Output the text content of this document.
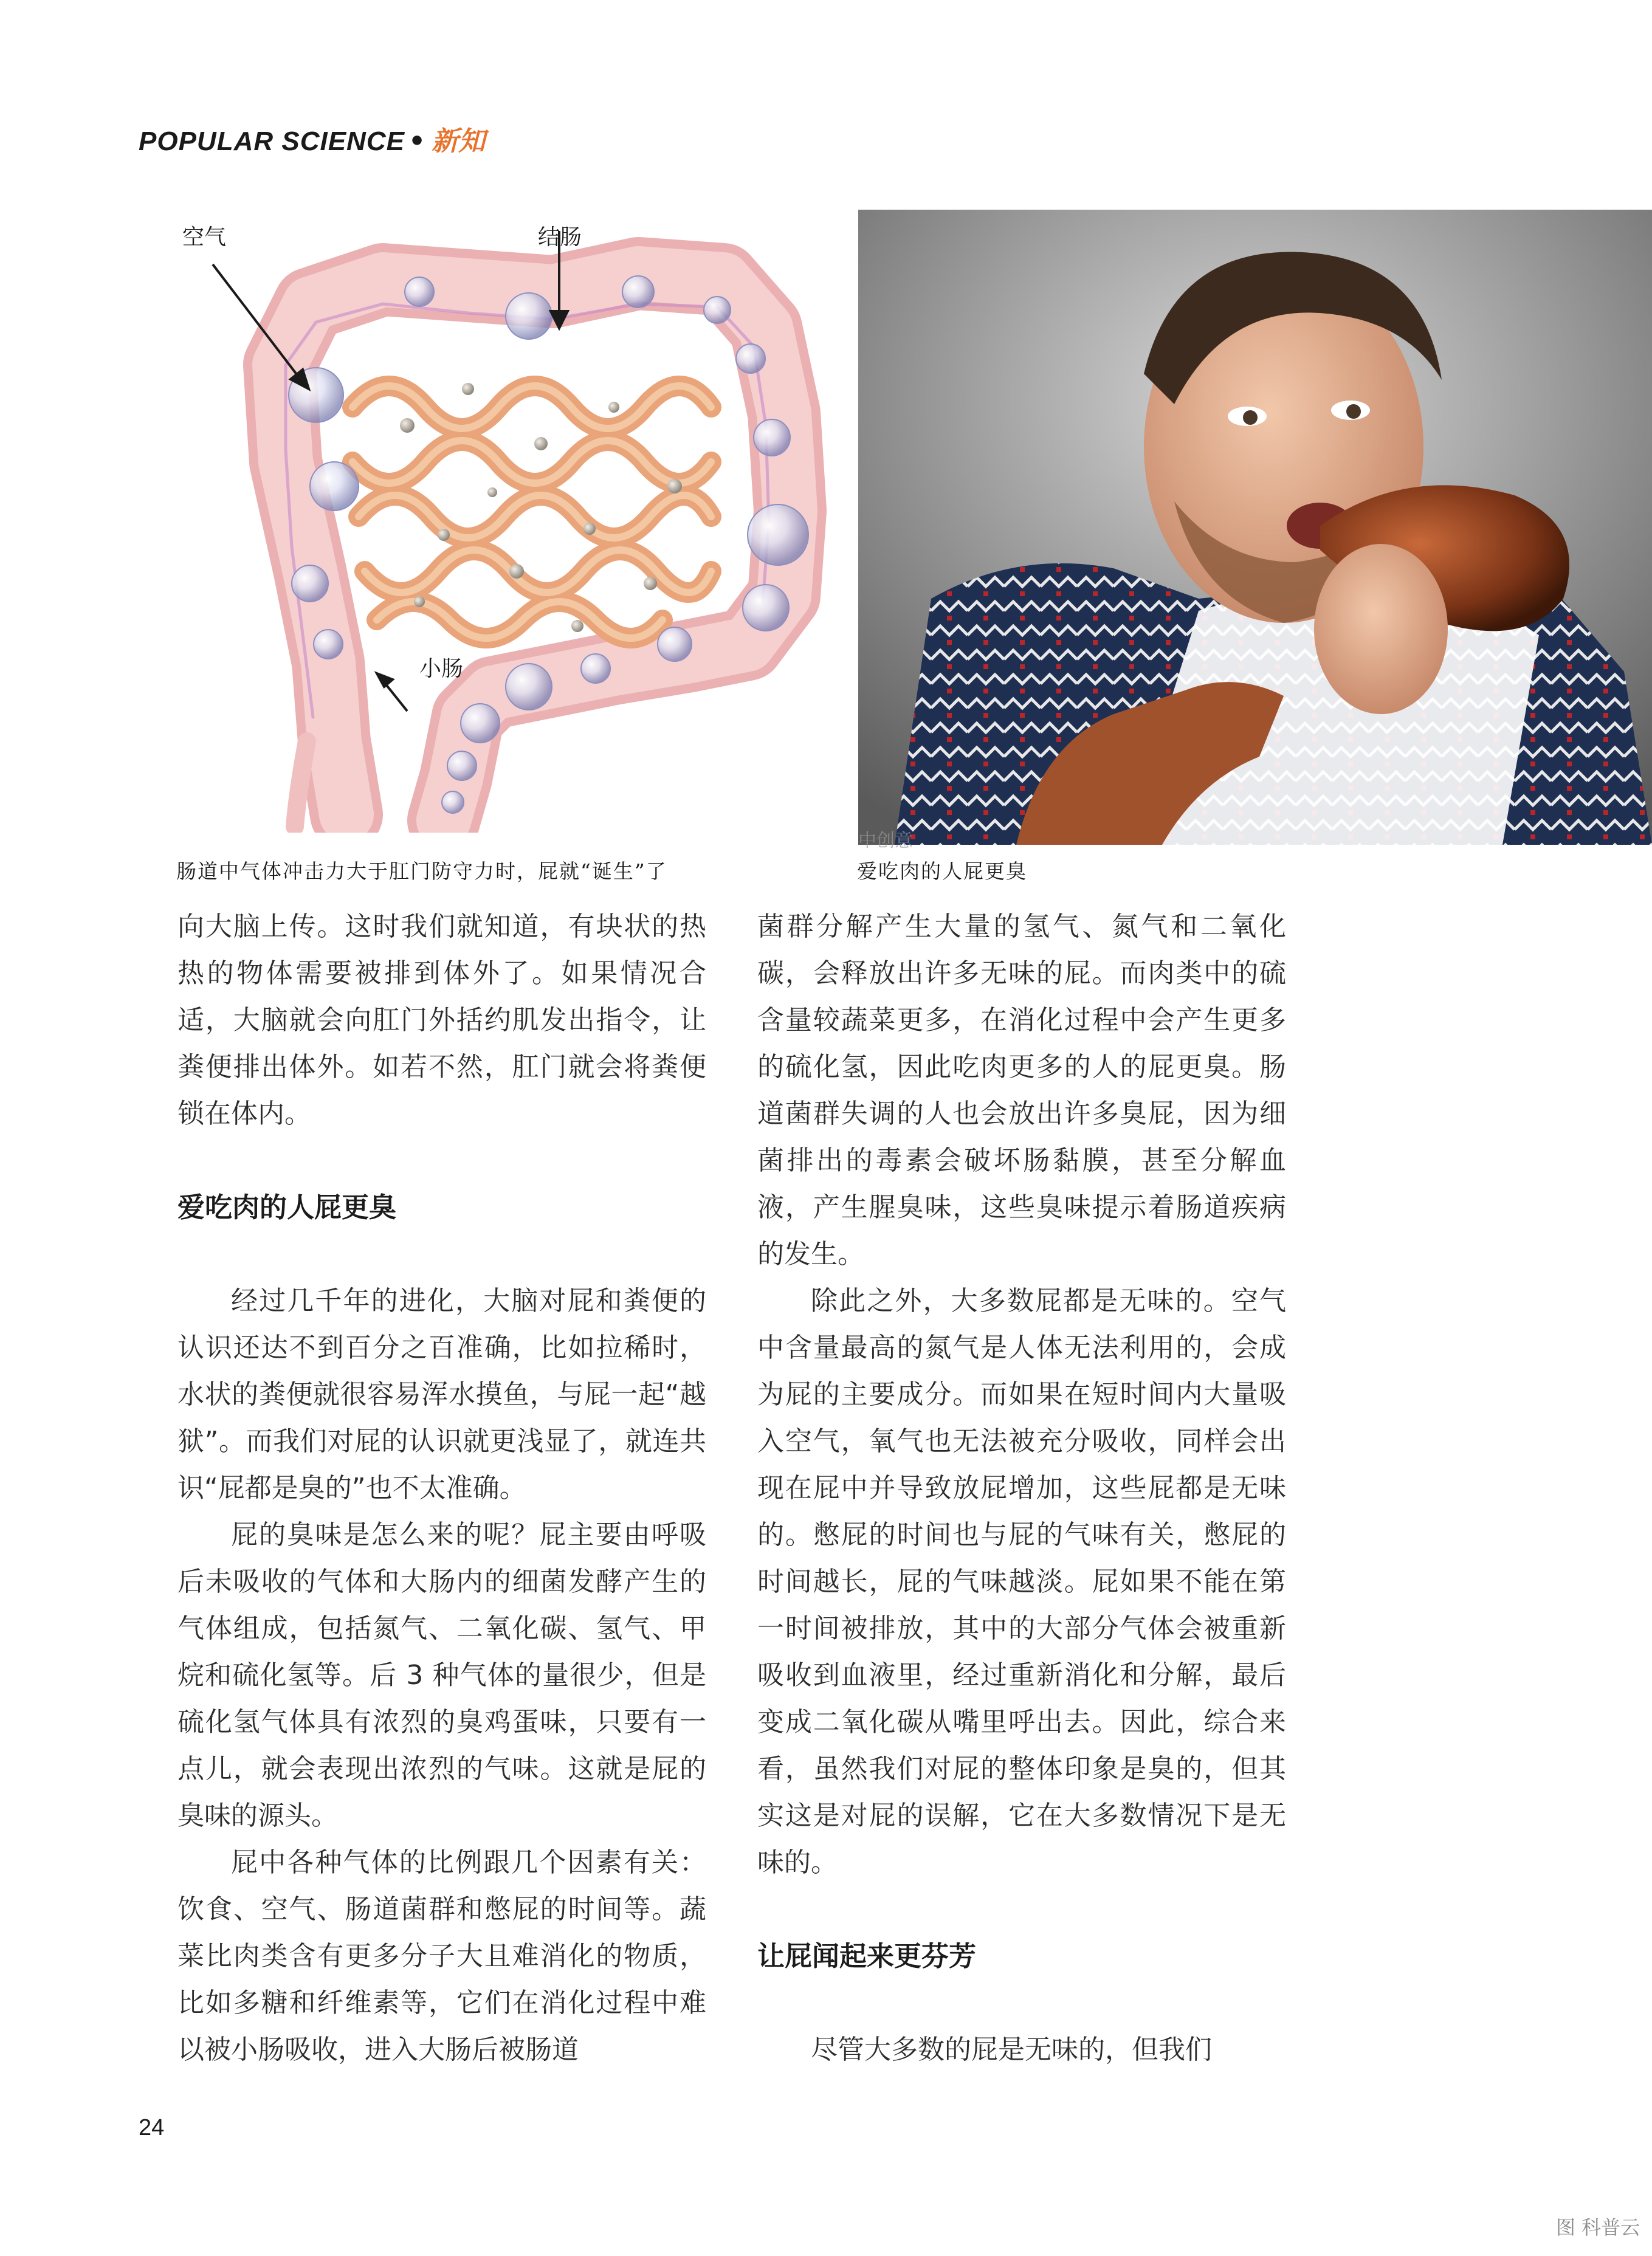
POPULAR SCIENCE • 新知
空气	结肠
小肠
中创意
肠道中气体冲击力大于肛门防守力时，屁就“诞生”了	爱吃肉的人屁更臭

向大脑上传。这时我们就知道，有块状的热热的物体需要被排到体外了。如果情况合适，大脑就会向肛门外括约肌发出指令，让粪便排出体外。如若不然，肛门就会将粪便锁在体内。

爱吃肉的人屁更臭

经过几千年的进化，大脑对屁和粪便的认识还达不到百分之百准确，比如拉稀时，水状的粪便就很容易浑水摸鱼，与屁一起“越狱”。而我们对屁的认识就更浅显了，就连共识“屁都是臭的”也不太准确。

屁的臭味是怎么来的呢？屁主要由呼吸后未吸收的气体和大肠内的细菌发酵产生的气体组成，包括氮气、二氧化碳、氢气、甲烷和硫化氢等。后 3 种气体的量很少，但是硫化氢气体具有浓烈的臭鸡蛋味，只要有一点儿，就会表现出浓烈的气味。这就是屁的臭味的源头。

屁中各种气体的比例跟几个因素有关：饮食、空气、肠道菌群和憋屁的时间等。蔬菜比肉类含有更多分子大且难消化的物质，比如多糖和纤维素等，它们在消化过程中难以被小肠吸收，进入大肠后被肠道

菌群分解产生大量的氢气、氮气和二氧化碳，会释放出许多无味的屁。而肉类中的硫含量较蔬菜更多，在消化过程中会产生更多的硫化氢，因此吃肉更多的人的屁更臭。肠道菌群失调的人也会放出许多臭屁，因为细菌排出的毒素会破坏肠黏膜，甚至分解血液，产生腥臭味，这些臭味提示着肠道疾病的发生。

除此之外，大多数屁都是无味的。空气中含量最高的氮气是人体无法利用的，会成为屁的主要成分。而如果在短时间内大量吸入空气，氧气也无法被充分吸收，同样会出现在屁中并导致放屁增加，这些屁都是无味的。憋屁的时间也与屁的气味有关，憋屁的时间越长，屁的气味越淡。屁如果不能在第一时间被排放，其中的大部分气体会被重新吸收到血液里，经过重新消化和分解，最后变成二氧化碳从嘴里呼出去。因此，综合来看，虽然我们对屁的整体印象是臭的，但其实这是对屁的误解，它在大多数情况下是无味的。

让屁闻起来更芬芳

尽管大多数的屁是无味的，但我们

24
图 科普云
